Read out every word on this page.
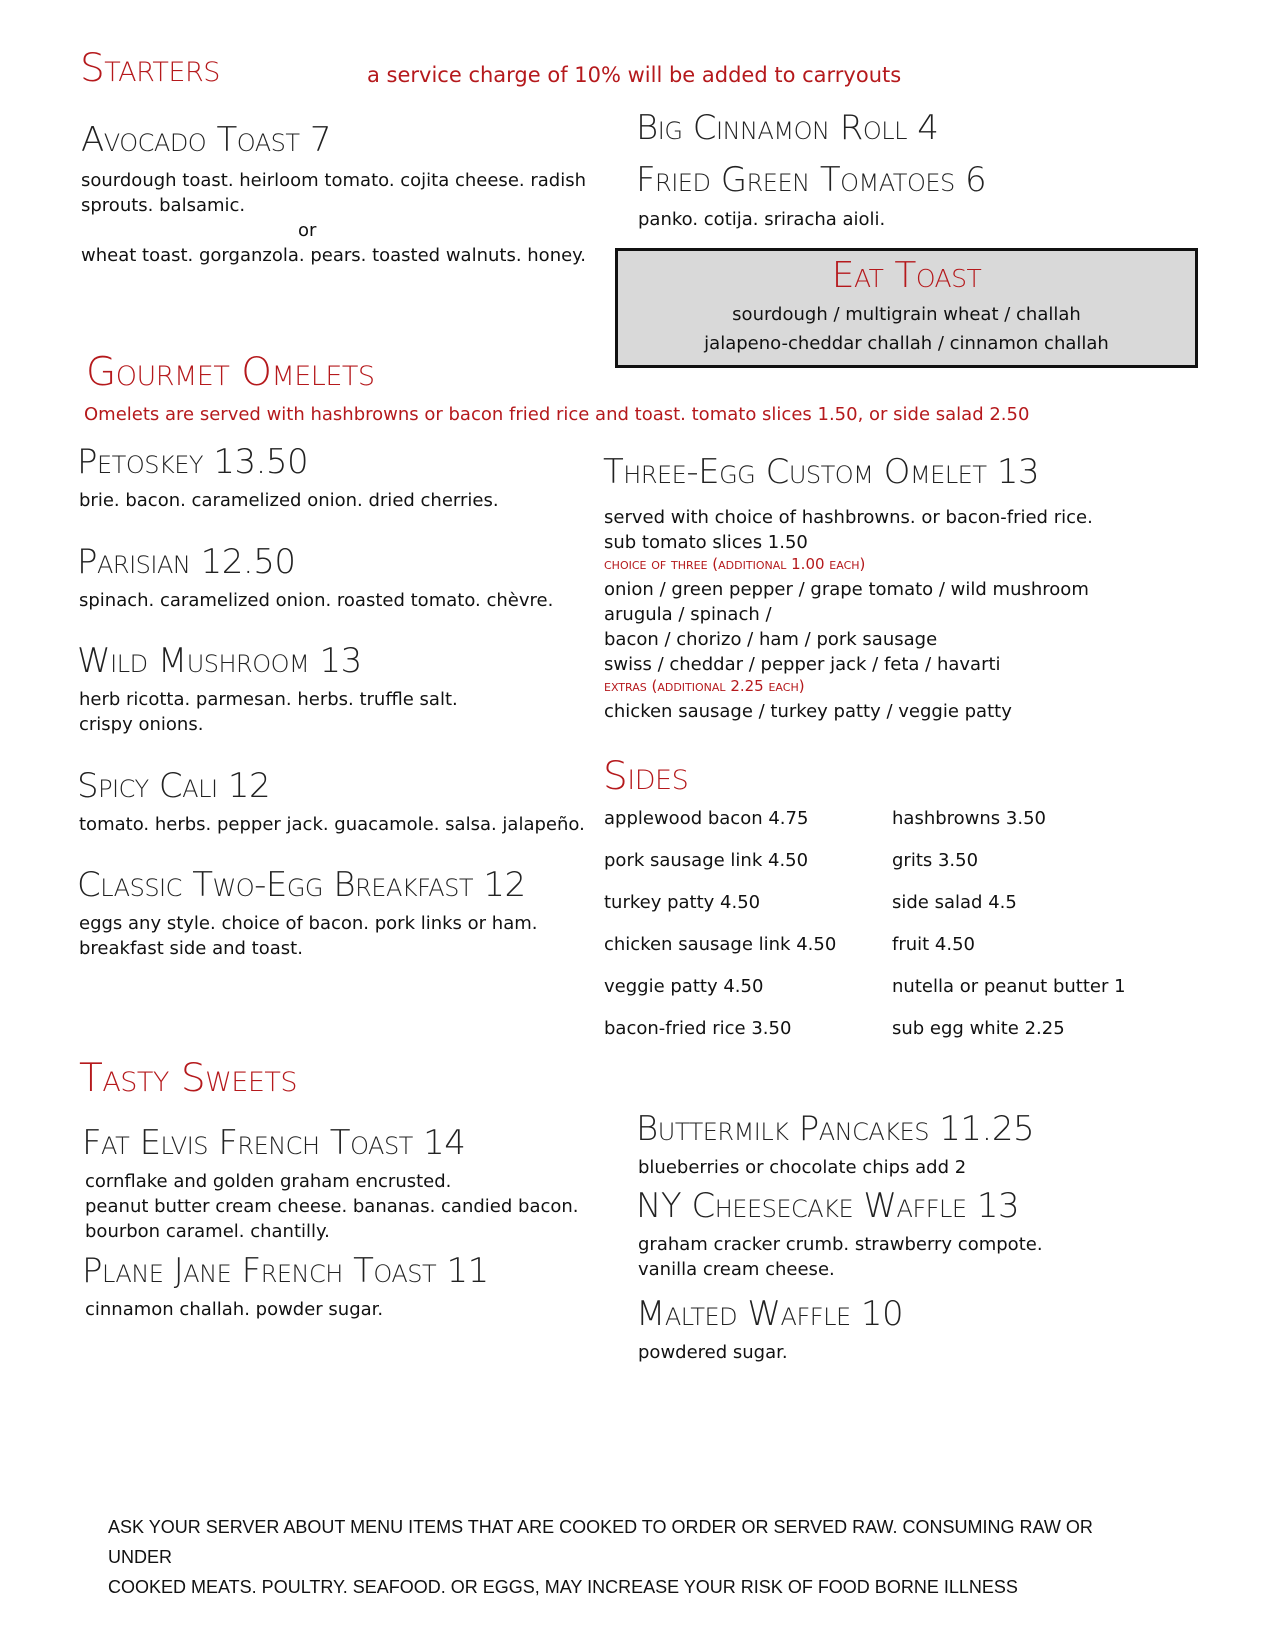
Starters	a service charge of 10% will be added to carryouts
Avocado Toast 7
sourdough toast. heirloom tomato. cojita cheese. radish
sprouts. balsamic.
or
wheat toast. gorganzola. pears. toasted walnuts. honey.
Big Cinnamon Roll 4
Fried Green Tomatoes 6
panko. cotija. sriracha aioli.
Eat Toast
sourdough / multigrain wheat / challah
jalapeno-cheddar challah / cinnamon challah
Gourmet Omelets
Omelets are served with hashbrowns or bacon fried rice and toast. tomato slices 1.50, or side salad 2.50
Petoskey 13.50
brie. bacon. caramelized onion. dried cherries.
Parisian 12.50
spinach. caramelized onion. roasted tomato. chèvre.
Wild Mushroom 13
herb ricotta. parmesan. herbs. truffle salt.
crispy onions.
Spicy Cali 12
tomato. herbs. pepper jack. guacamole. salsa. jalapeño.
Classic Two-Egg Breakfast 12
eggs any style. choice of bacon. pork links or ham.
breakfast side and toast.
Three-Egg Custom Omelet 13
served with choice of hashbrowns. or bacon-fried rice.
sub tomato slices 1.50
choice of three (additional 1.00 each)
onion / green pepper / grape tomato / wild mushroom
arugula / spinach /
bacon / chorizo / ham / pork sausage
swiss / cheddar / pepper jack / feta / havarti
extras (additional 2.25 each)
chicken sausage / turkey patty / veggie patty
Sides
applewood bacon 4.75
pork sausage link 4.50
turkey patty 4.50
chicken sausage link 4.50
veggie patty 4.50
bacon-fried rice 3.50
hashbrowns 3.50
grits 3.50
side salad 4.5
fruit 4.50
nutella or peanut butter 1
sub egg white 2.25
Tasty Sweets
Fat Elvis French Toast 14
cornflake and golden graham encrusted.
peanut butter cream cheese. bananas. candied bacon.
bourbon caramel. chantilly.
Plane Jane French Toast 11
cinnamon challah. powder sugar.
Buttermilk Pancakes 11.25
blueberries or chocolate chips add 2
NY Cheesecake Waffle 13
graham cracker crumb. strawberry compote.
vanilla cream cheese.
Malted Waffle 10
powdered sugar.
ASK YOUR SERVER ABOUT MENU ITEMS THAT ARE COOKED TO ORDER OR SERVED RAW. CONSUMING RAW OR UNDER
COOKED MEATS. POULTRY. SEAFOOD. OR EGGS, MAY INCREASE YOUR RISK OF FOOD BORNE ILLNESS
